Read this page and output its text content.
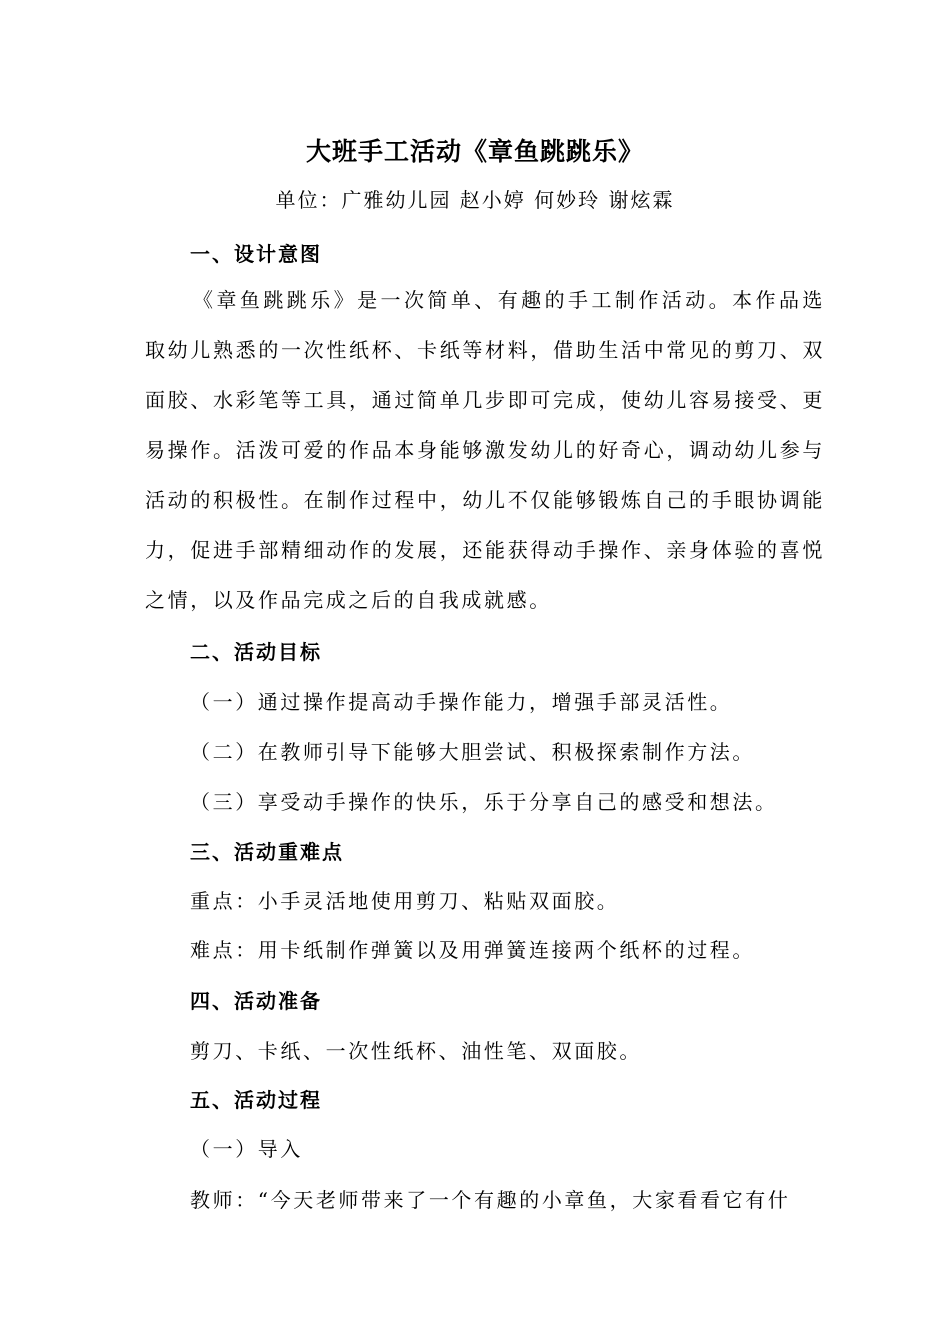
大班手工活动《章鱼跳跳乐》
单位：广雅幼儿园 赵小婷 何妙玲 谢炫霖
一、设计意图
《章鱼跳跳乐》是一次简单、有趣的手工制作活动。本作品选取幼儿熟悉的一次性纸杯、卡纸等材料，借助生活中常见的剪刀、双面胶、水彩笔等工具，通过简单几步即可完成，使幼儿容易接受、更易操作。活泼可爱的作品本身能够激发幼儿的好奇心，调动幼儿参与活动的积极性。在制作过程中，幼儿不仅能够锻炼自己的手眼协调能力，促进手部精细动作的发展，还能获得动手操作、亲身体验的喜悦之情，以及作品完成之后的自我成就感。
二、活动目标
（一）通过操作提高动手操作能力，增强手部灵活性。
（二）在教师引导下能够大胆尝试、积极探索制作方法。
（三）享受动手操作的快乐，乐于分享自己的感受和想法。
三、活动重难点
重点：小手灵活地使用剪刀、粘贴双面胶。
难点：用卡纸制作弹簧以及用弹簧连接两个纸杯的过程。
四、活动准备
剪刀、卡纸、一次性纸杯、油性笔、双面胶。
五、活动过程
（一）导入
教师：“今天老师带来了一个有趣的小章鱼，大家看看它有什
